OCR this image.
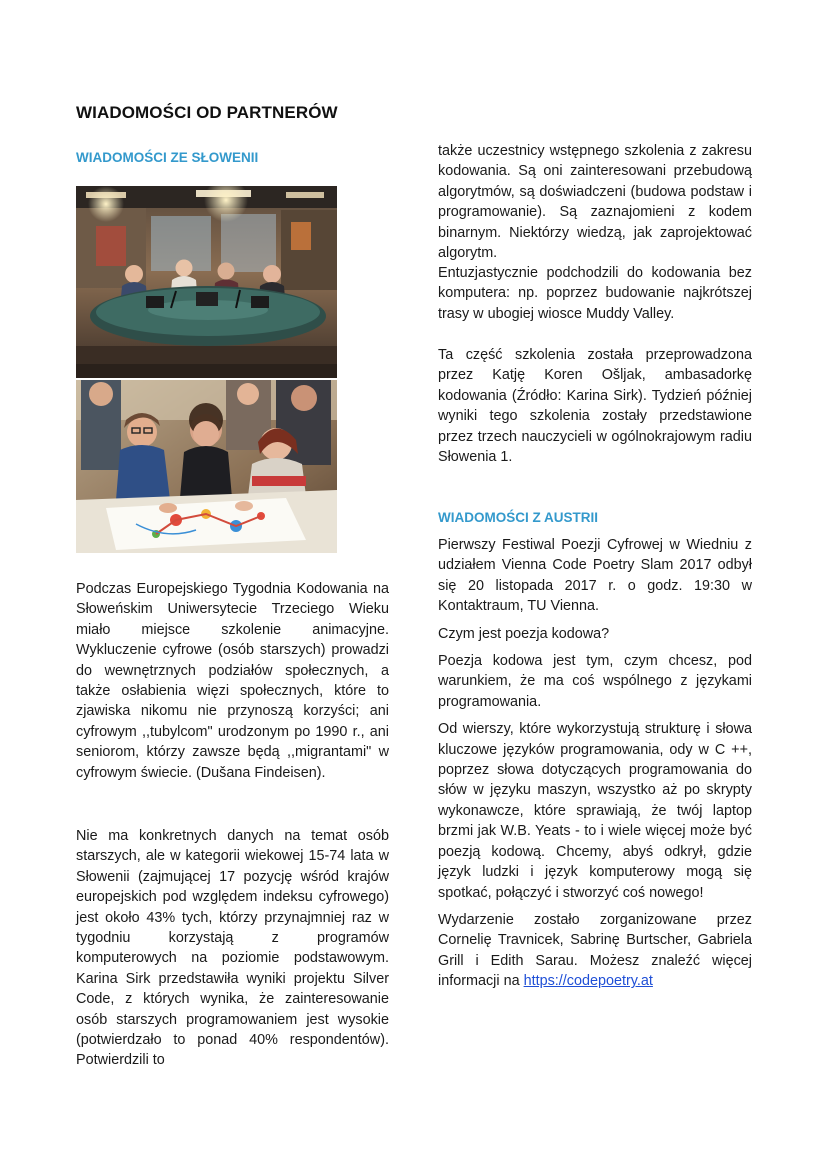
WIADOMOŚCI OD PARTNERÓW
WIADOMOŚCI ZE SŁOWENII

Podczas Europejskiego Tygodnia Kodowania na Słoweńskim Uniwersytecie Trzeciego Wieku miało miejsce szkolenie animacyjne. Wykluczenie cyfrowe (osób starszych) prowadzi do wewnętrznych podziałów społecznych, a także osłabienia więzi społecznych, które to zjawiska nikomu nie przynoszą korzyści; ani cyfrowym ,,tubylcom" urodzonym po 1990 r., ani seniorom, którzy zawsze będą ,,migrantami" w cyfrowym świecie. (Dušana Findeisen).

Nie ma konkretnych danych na temat osób starszych, ale w kategorii wiekowej 15-74 lata w Słowenii (zajmującej 17 pozycję wśród krajów europejskich pod względem indeksu cyfrowego) jest około 43% tych, którzy przynajmniej raz w tygodniu korzystają z programów komputerowych na poziomie podstawowym. Karina Sirk przedstawiła wyniki projektu Silver Code, z których wynika, że zainteresowanie osób starszych programowaniem jest wysokie (potwierdzało to ponad 40% respondentów). Potwierdzili to

także uczestnicy wstępnego szkolenia z zakresu kodowania. Są oni zainteresowani przebudową algorytmów, są doświadczeni (budowa podstaw i programowanie). Są zaznajomieni z kodem binarnym. Niektórzy wiedzą, jak zaprojektować algorytm.

Entuzjastycznie podchodzili do kodowania bez komputera: np. poprzez budowanie najkrótszej trasy w ubogiej wiosce Muddy Valley.

Ta część szkolenia została przeprowadzona przez Katję Koren Ošljak, ambasadorkę kodowania (Źródło: Karina Sirk). Tydzień później wyniki tego szkolenia zostały przedstawione przez trzech nauczycieli w ogólnokrajowym radiu Słowenia 1.

WIADOMOŚCI Z AUSTRII

Pierwszy Festiwal Poezji Cyfrowej w Wiedniu z udziałem Vienna Code Poetry Slam 2017 odbył się 20 listopada 2017 r. o godz. 19:30 w Kontaktraum, TU Vienna.

Czym jest poezja kodowa?

Poezja kodowa jest tym, czym chcesz, pod warunkiem, że ma coś wspólnego z językami programowania.

Od wierszy, które wykorzystują strukturę i słowa kluczowe języków programowania, ody w C ++, poprzez słowa dotyczących programowania do słów w języku maszyn, wszystko aż po skrypty wykonawcze, które sprawiają, że twój laptop brzmi jak W.B. Yeats - to i wiele więcej może być poezją kodową. Chcemy, abyś odkrył, gdzie język ludzki i język komputerowy mogą się spotkać, połączyć i stworzyć coś nowego!

Wydarzenie zostało zorganizowane przez Cornelię Travnicek, Sabrinę Burtscher, Gabriela Grill i Edith Sarau. Możesz znaleźć więcej informacji na https://codepoetry.at
